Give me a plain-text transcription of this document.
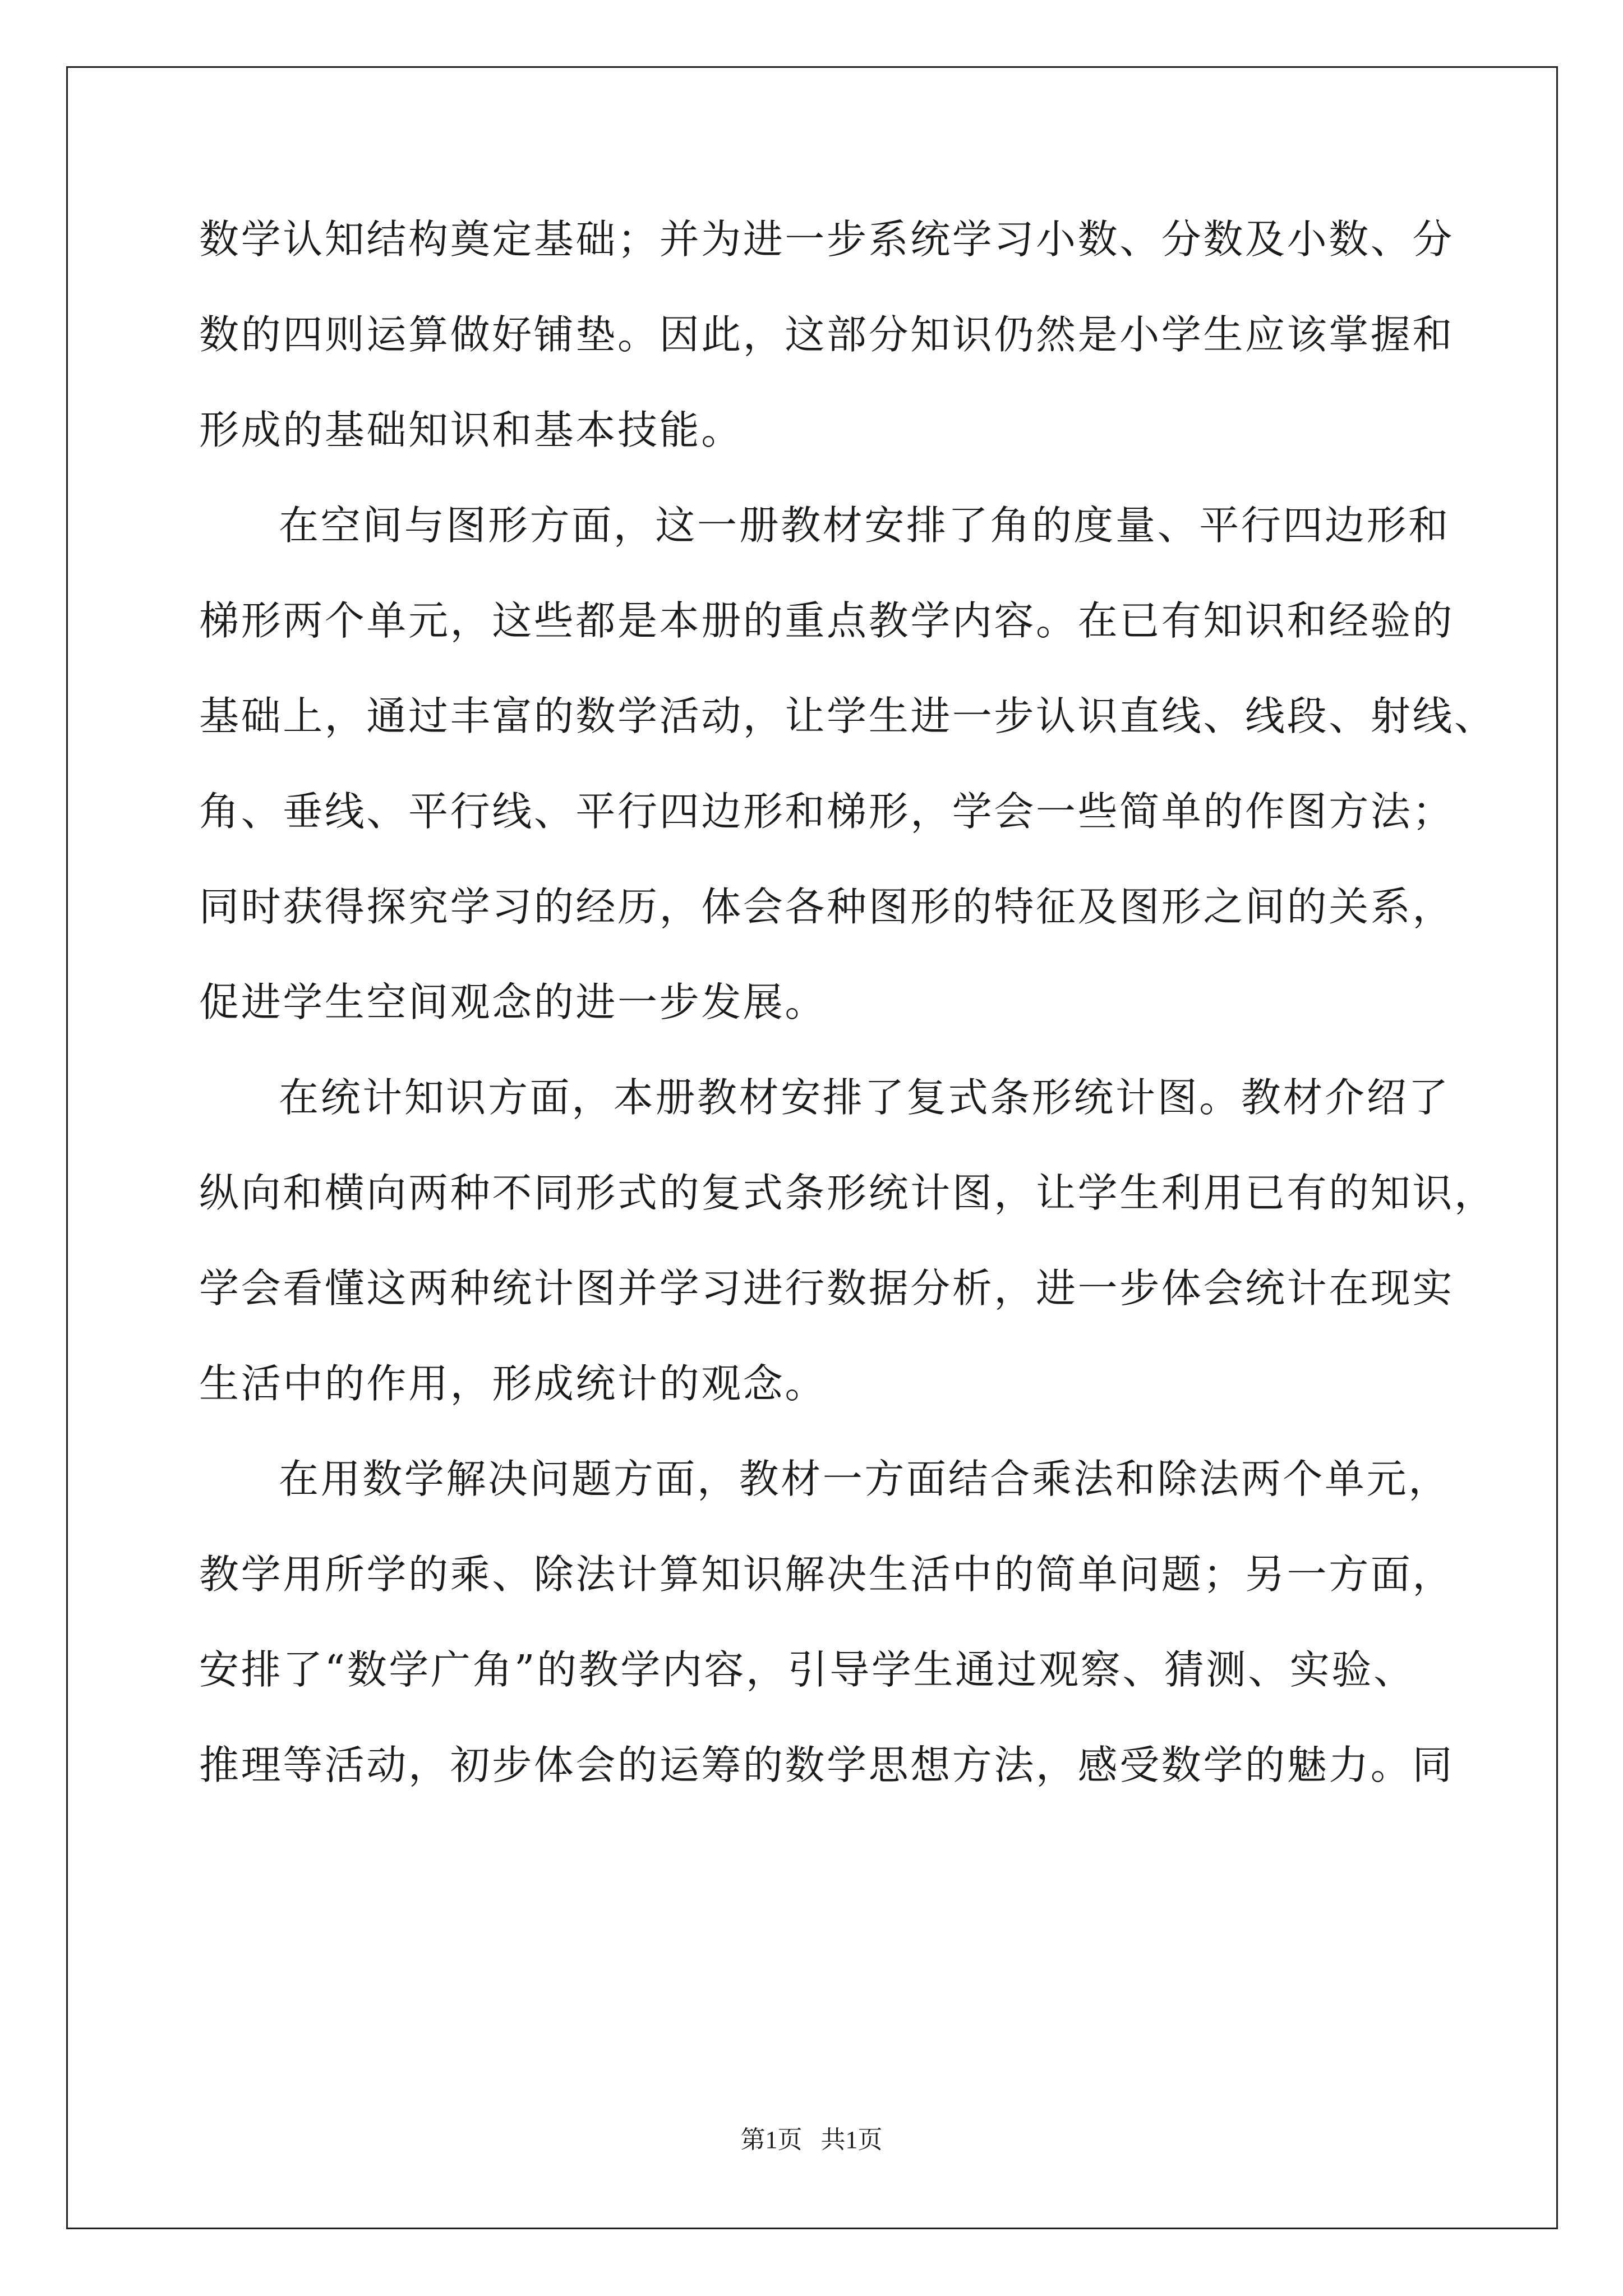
数学认知结构奠定基础；并为进一步系统学习小数、分数及小数、分
数的四则运算做好铺垫。因此，这部分知识仍然是小学生应该掌握和
形成的基础知识和基本技能。
在空间与图形方面，这一册教材安排了角的度量、平行四边形和
梯形两个单元，这些都是本册的重点教学内容。在已有知识和经验的
基础上，通过丰富的数学活动，让学生进一步认识直线、线段、射线、
角、垂线、平行线、平行四边形和梯形，学会一些简单的作图方法；
同时获得探究学习的经历，体会各种图形的特征及图形之间的关系，
促进学生空间观念的进一步发展。
在统计知识方面，本册教材安排了复式条形统计图。教材介绍了
纵向和横向两种不同形式的复式条形统计图，让学生利用已有的知识，
学会看懂这两种统计图并学习进行数据分析，进一步体会统计在现实
生活中的作用，形成统计的观念。
在用数学解决问题方面，教材一方面结合乘法和除法两个单元，
教学用所学的乘、除法计算知识解决生活中的简单问题；另一方面，
安排了“数学广角”的教学内容，引导学生通过观察、猜测、实验、
推理等活动，初步体会的运筹的数学思想方法，感受数学的魅力。同
第1页   共1页
